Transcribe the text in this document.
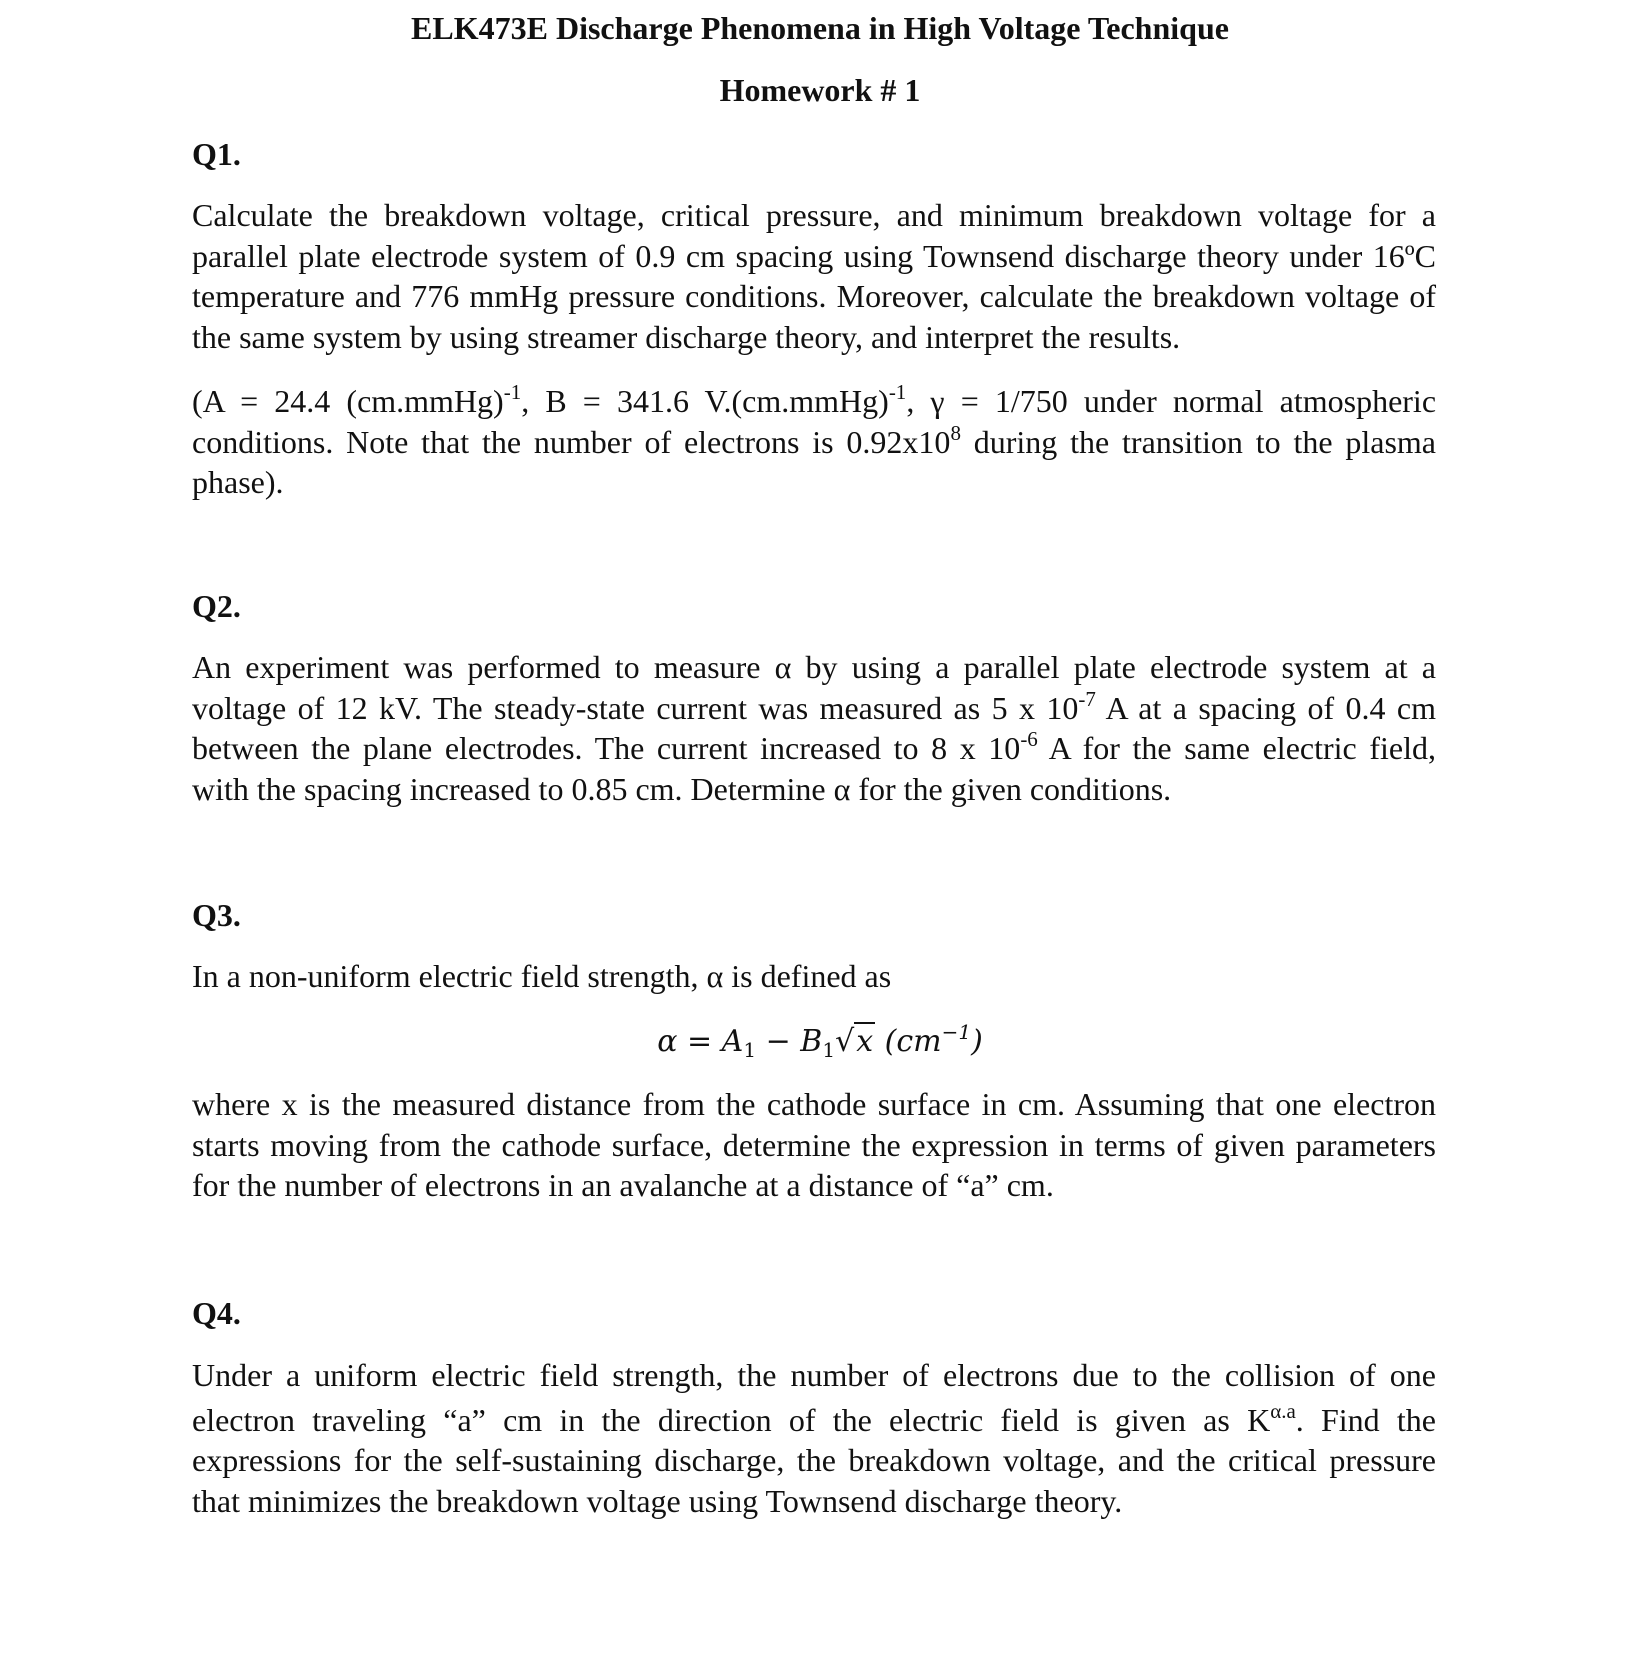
ELK473E Discharge Phenomena in High Voltage Technique
Homework # 1
Q1.
Calculate the breakdown voltage, critical pressure, and minimum breakdown voltage for a
parallel plate electrode system of 0.9 cm spacing using Townsend discharge theory under 16ºC
temperature and 776 mmHg pressure conditions. Moreover, calculate the breakdown voltage of
the same system by using streamer discharge theory, and interpret the results.
(A = 24.4 (cm.mmHg)$^{-1}$, B = 341.6 V.(cm.mmHg)$^{-1}$, γ = 1/750 under normal atmospheric
conditions. Note that the number of electrons is $0.92x10^8$ during the transition to the plasma
phase).
Q2.
An experiment was performed to measure α by using a parallel plate electrode system at a
voltage of 12 kV. The steady-state current was measured as 5 x $10^{-7}$ A at a spacing of 0.4 cm
between the plane electrodes. The current increased to 8 x $10^{-6}$ A for the same electric field,
with the spacing increased to 0.85 cm. Determine α for the given conditions.
Q3.
In a non-uniform electric field strength, α is defined as
$\alpha = A_1 - B_1√x$ $(cm^{-1})$
where x is the measured distance from the cathode surface in cm. Assuming that one electron
starts moving from the cathode surface, determine the expression in terms of given parameters
for the number of electrons in an avalanche at a distance of “a” cm.
Q4.
Under a uniform electric field strength, the number of electrons due to the collision of one
electron traveling “a” cm in the direction of the electric field is given as $K^{\alpha.a}$. Find the
expressions for the self-sustaining discharge, the breakdown voltage, and the critical pressure
that minimizes the breakdown voltage using Townsend discharge theory.
